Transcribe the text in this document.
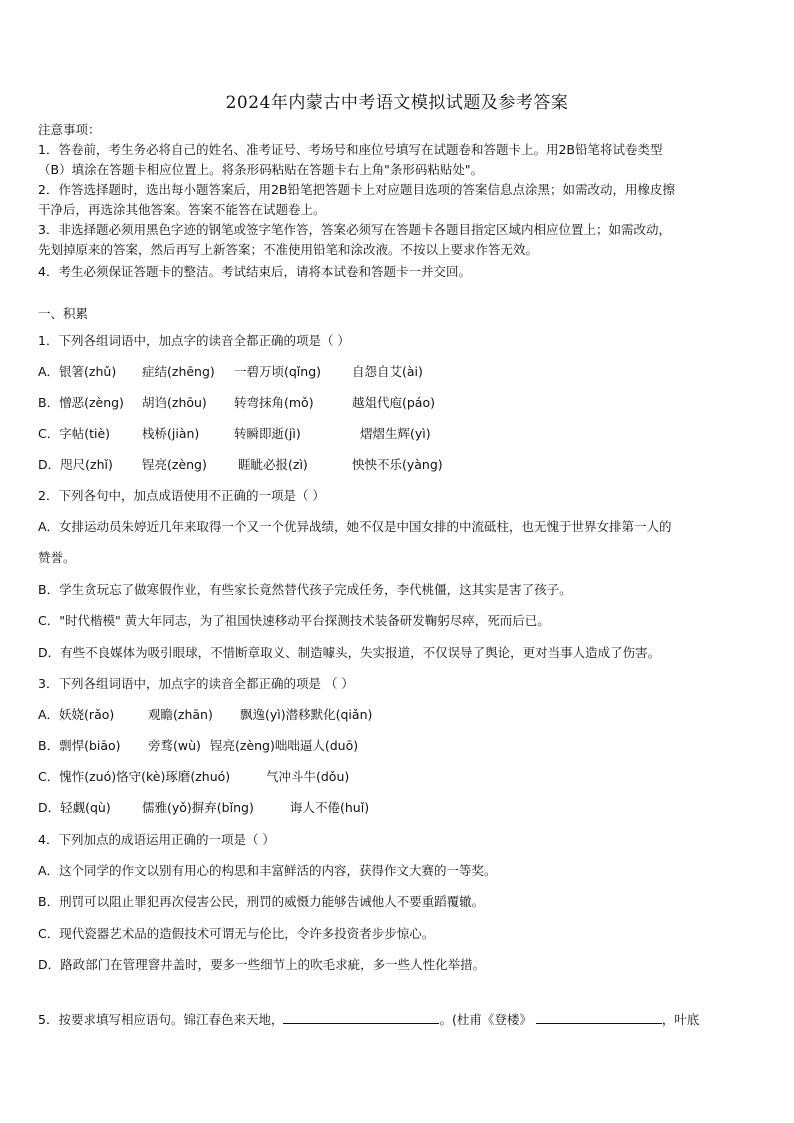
2024年内蒙古中考语文模拟试题及参考答案
注意事项：
1．答卷前，考生务必将自己的姓名、准考证号、考场号和座位号填写在试题卷和答题卡上。用2B铅笔将试卷类型
（B）填涂在答题卡相应位置上。将条形码粘贴在答题卡右上角"条形码粘贴处"。
2．作答选择题时，选出每小题答案后，用2B铅笔把答题卡上对应题目选项的答案信息点涂黑；如需改动，用橡皮擦
干净后，再选涂其他答案。答案不能答在试题卷上。
3．非选择题必须用黑色字迹的钢笔或签字笔作答，答案必须写在答题卡各题目指定区域内相应位置上；如需改动，
先划掉原来的答案，然后再写上新答案；不准使用铅笔和涂改液。不按以上要求作答无效。
4．考生必须保证答题卡的整洁。考试结束后，请将本试卷和答题卡一并交回。
一、积累
1．下列各组词语中，加点字的读音全都正确的项是（ ）
A．银箸(zhǔ) 症结(zhēng) 一碧万顷(qǐng) 自怨自艾(ài)
B．憎恶(zèng) 胡诌(zhōu) 转弯抹角(mǒ)	越俎代庖(páo)
C．字帖(tiè)	栈桥(jiàn)	转瞬即逝(jì)	熠熠生辉(yì)
D．咫尺(zhǐ) 锃亮(zèng) 睚眦必报(zì)	怏怏不乐(yàng)
2．下列各句中，加点成语使用不正确的一项是（ ）
A．女排运动员朱婷近几年来取得一个又一个优异战绩，她不仅是中国女排的中流砥柱，也无愧于世界女排第一人的
赞誉。
B．学生贪玩忘了做寒假作业，有些家长竟然替代孩子完成任务，李代桃僵，这其实是害了孩子。
C．"时代楷模" 黄大年同志，为了祖国快速移动平台探测技术装备研发鞠躬尽瘁，死而后已。
D．有些不良媒体为吸引眼球，不惜断章取义、制造噱头，失实报道，不仅误导了舆论，更对当事人造成了伤害。
3．下列各组词语中，加点字的读音全都正确的项是 （ ）
A．妖娆(rǎo)	观瞻(zhān) 飘逸(yì)潜移默化(qiǎn)
B．剽悍(biāo) 旁骛(wù) 锃亮(zèng)咄咄逼人(duō)
C．愧怍(zuó)恪守(kè)琢磨(zhuó)	气冲斗牛(dǒu)
D．轻觑(qù)	儒雅(yǒ)摒弃(bǐng)	诲人不倦(huǐ)
4．下列加点的成语运用正确的一项是（ ）
A．这个同学的作文以别有用心的构思和丰富鲜活的内容，获得作文大赛的一等奖。
B．刑罚可以阻止罪犯再次侵害公民，刑罚的威慑力能够告诫他人不要重蹈覆辙。
C．现代瓷器艺术品的造假技术可谓无与伦比，令许多投资者步步惊心。
D．路政部门在管理窨井盖时，要多一些细节上的吹毛求疵，多一些人性化举措。
5．按要求填写相应语句。锦江春色来天地，	。(杜甫《登楼》	，叶底
